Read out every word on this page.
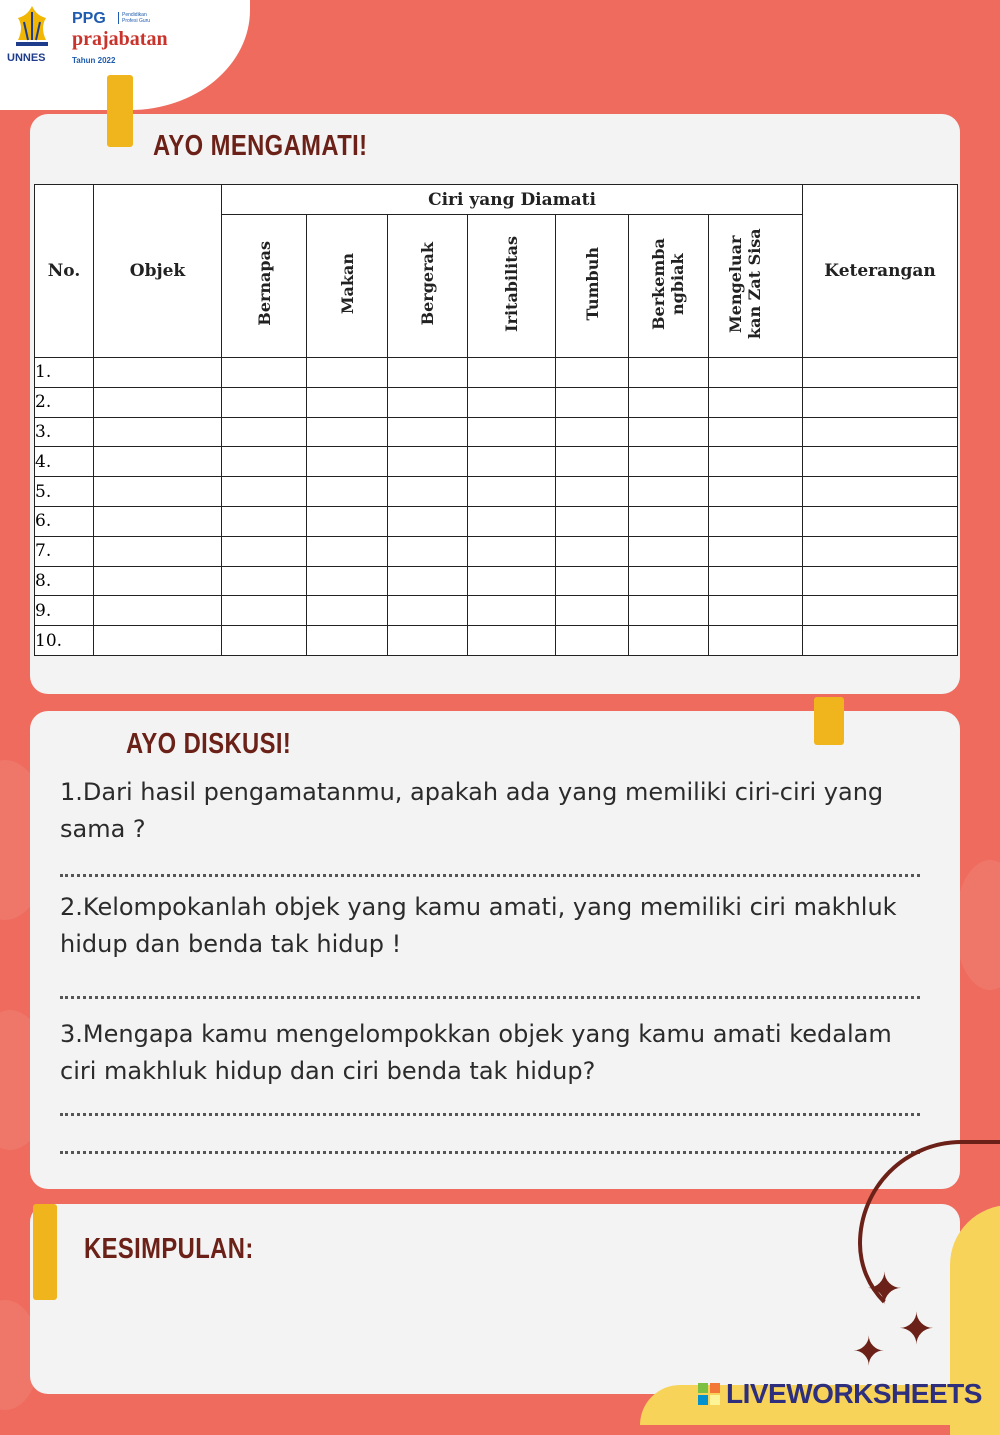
UNNES
PPG	Pendidikan Profesi Guru
prajabatan
Tahun 2022
AYO MENGAMATI!
No.	Objek	Ciri yang Diamati							Keterangan
		Bernapas	Makan	Bergerak	Iritabilitas	Tumbuh	Berkemba ngbiak	Mengeluar kan Zat Sisa	
1.									
2.									
3.									
4.									
5.									
6.									
7.									
8.									
9.									
10.									
AYO DISKUSI!
1.Dari hasil pengamatanmu, apakah ada yang memiliki ciri-ciri yang sama ?
2.Kelompokanlah objek yang kamu amati, yang memiliki ciri makhluk hidup dan benda tak hidup !
3.Mengapa kamu mengelompokkan objek yang kamu amati kedalam ciri makhluk hidup dan ciri benda tak hidup?
KESIMPULAN:
✦
✦
✦
LIVEWORKSHEETS
